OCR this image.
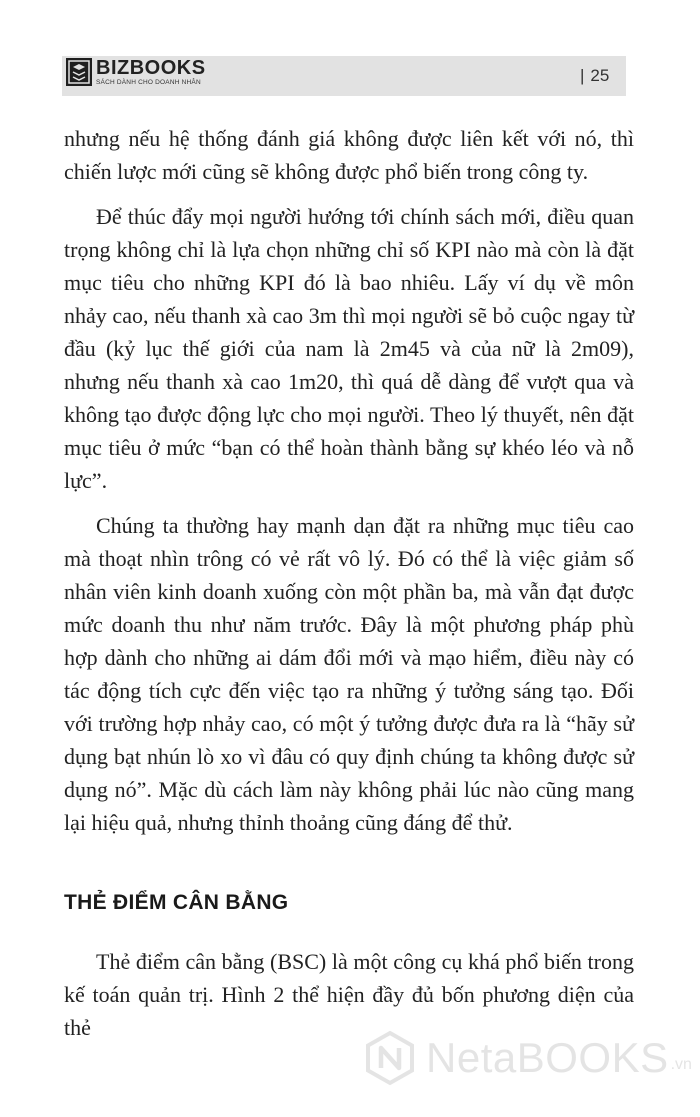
BIZBOOKS
SÁCH DÀNH CHO DOANH NHÂN	| 25

nhưng nếu hệ thống đánh giá không được liên kết với nó, thì chiến lược mới cũng sẽ không được phổ biến trong công ty.

Để thúc đẩy mọi người hướng tới chính sách mới, điều quan trọng không chỉ là lựa chọn những chỉ số KPI nào mà còn là đặt mục tiêu cho những KPI đó là bao nhiêu. Lấy ví dụ về môn nhảy cao, nếu thanh xà cao 3m thì mọi người sẽ bỏ cuộc ngay từ đầu (kỷ lục thế giới của nam là 2m45 và của nữ là 2m09), nhưng nếu thanh xà cao 1m20, thì quá dễ dàng để vượt qua và không tạo được động lực cho mọi người. Theo lý thuyết, nên đặt mục tiêu ở mức “bạn có thể hoàn thành bằng sự khéo léo và nỗ lực”.

Chúng ta thường hay mạnh dạn đặt ra những mục tiêu cao mà thoạt nhìn trông có vẻ rất vô lý. Đó có thể là việc giảm số nhân viên kinh doanh xuống còn một phần ba, mà vẫn đạt được mức doanh thu như năm trước. Đây là một phương pháp phù hợp dành cho những ai dám đổi mới và mạo hiểm, điều này có tác động tích cực đến việc tạo ra những ý tưởng sáng tạo. Đối với trường hợp nhảy cao, có một ý tưởng được đưa ra là “hãy sử dụng bạt nhún lò xo vì đâu có quy định chúng ta không được sử dụng nó”. Mặc dù cách làm này không phải lúc nào cũng mang lại hiệu quả, nhưng thỉnh thoảng cũng đáng để thử.

THẺ ĐIỂM CÂN BẰNG

Thẻ điểm cân bằng (BSC) là một công cụ khá phổ biến trong kế toán quản trị. Hình 2 thể hiện đầy đủ bốn phương diện của thẻ

NetaBOOKS .vn
